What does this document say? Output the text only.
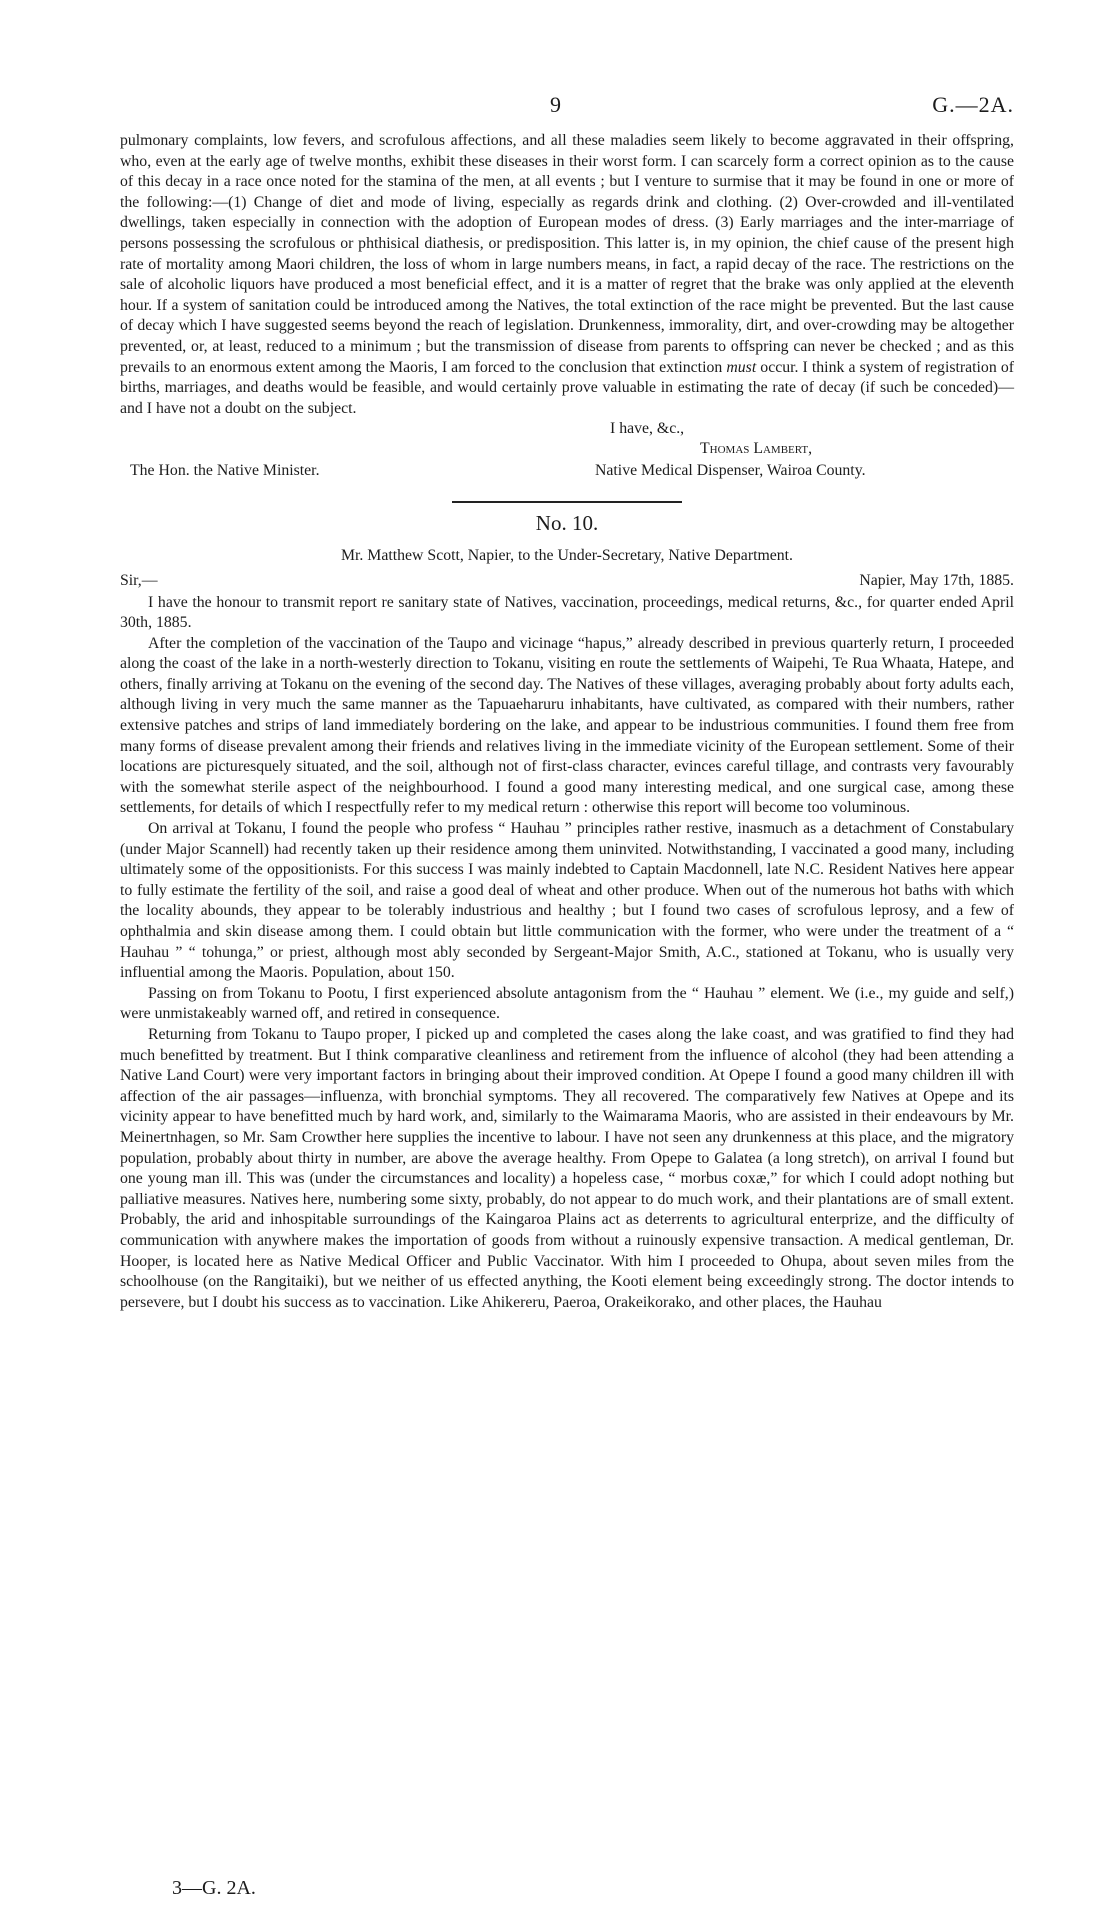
9	G.—2A.

pulmonary complaints, low fevers, and scrofulous affections, and all these maladies seem likely to become aggravated in their offspring, who, even at the early age of twelve months, exhibit these diseases in their worst form. I can scarcely form a correct opinion as to the cause of this decay in a race once noted for the stamina of the men, at all events ; but I venture to surmise that it may be found in one or more of the following:—(1) Change of diet and mode of living, especially as regards drink and clothing. (2) Over-crowded and ill-ventilated dwellings, taken especially in connection with the adoption of European modes of dress. (3) Early marriages and the inter-marriage of persons possessing the scrofulous or phthisical diathesis, or predisposition. This latter is, in my opinion, the chief cause of the present high rate of mortality among Maori children, the loss of whom in large numbers means, in fact, a rapid decay of the race. The restrictions on the sale of alcoholic liquors have produced a most beneficial effect, and it is a matter of regret that the brake was only applied at the eleventh hour. If a system of sanitation could be introduced among the Natives, the total extinction of the race might be prevented. But the last cause of decay which I have suggested seems beyond the reach of legislation. Drunkenness, immorality, dirt, and over-crowding may be altogether prevented, or, at least, reduced to a minimum ; but the transmission of disease from parents to offspring can never be checked ; and as this prevails to an enormous extent among the Maoris, I am forced to the conclusion that extinction must occur. I think a system of registration of births, marriages, and deaths would be feasible, and would certainly prove valuable in estimating the rate of decay (if such be conceded)—and I have not a doubt on the subject.

I have, &c.,
Thomas Lambert,
The Hon. the Native Minister.	Native Medical Dispenser, Wairoa County.
No. 10.
Mr. Matthew Scott, Napier, to the Under-Secretary, Native Department.
Sir,—	Napier, May 17th, 1885.

I have the honour to transmit report re sanitary state of Natives, vaccination, proceedings, medical returns, &c., for quarter ended April 30th, 1885.

After the completion of the vaccination of the Taupo and vicinage “hapus,” already described in previous quarterly return, I proceeded along the coast of the lake in a north-westerly direction to Tokanu, visiting en route the settlements of Waipehi, Te Rua Whaata, Hatepe, and others, finally arriving at Tokanu on the evening of the second day. The Natives of these villages, averaging probably about forty adults each, although living in very much the same manner as the Tapuaeharuru inhabitants, have cultivated, as compared with their numbers, rather extensive patches and strips of land immediately bordering on the lake, and appear to be industrious communities. I found them free from many forms of disease prevalent among their friends and relatives living in the immediate vicinity of the European settlement. Some of their locations are picturesquely situated, and the soil, although not of first-class character, evinces careful tillage, and contrasts very favourably with the somewhat sterile aspect of the neighbourhood. I found a good many interesting medical, and one surgical case, among these settlements, for details of which I respectfully refer to my medical return : otherwise this report will become too voluminous.

On arrival at Tokanu, I found the people who profess “ Hauhau ” principles rather restive, inasmuch as a detachment of Constabulary (under Major Scannell) had recently taken up their residence among them uninvited. Notwithstanding, I vaccinated a good many, including ultimately some of the oppositionists. For this success I was mainly indebted to Captain Macdonnell, late N.C. Resident Natives here appear to fully estimate the fertility of the soil, and raise a good deal of wheat and other produce. When out of the numerous hot baths with which the locality abounds, they appear to be tolerably industrious and healthy ; but I found two cases of scrofulous leprosy, and a few of ophthalmia and skin disease among them. I could obtain but little communication with the former, who were under the treatment of a “ Hauhau ” “ tohunga,” or priest, although most ably seconded by Sergeant-Major Smith, A.C., stationed at Tokanu, who is usually very influential among the Maoris. Population, about 150.

Passing on from Tokanu to Pootu, I first experienced absolute antagonism from the “ Hauhau ” element. We (i.e., my guide and self,) were unmistakeably warned off, and retired in consequence.

Returning from Tokanu to Taupo proper, I picked up and completed the cases along the lake coast, and was gratified to find they had much benefitted by treatment. But I think comparative cleanliness and retirement from the influence of alcohol (they had been attending a Native Land Court) were very important factors in bringing about their improved condition. At Opepe I found a good many children ill with affection of the air passages—influenza, with bronchial symptoms. They all recovered. The comparatively few Natives at Opepe and its vicinity appear to have benefitted much by hard work, and, similarly to the Waimarama Maoris, who are assisted in their endeavours by Mr. Meinertnhagen, so Mr. Sam Crowther here supplies the incentive to labour. I have not seen any drunkenness at this place, and the migratory population, probably about thirty in number, are above the average healthy. From Opepe to Galatea (a long stretch), on arrival I found but one young man ill. This was (under the circumstances and locality) a hopeless case, “ morbus coxæ,” for which I could adopt nothing but palliative measures. Natives here, numbering some sixty, probably, do not appear to do much work, and their plantations are of small extent. Probably, the arid and inhospitable surroundings of the Kaingaroa Plains act as deterrents to agricultural enterprize, and the difficulty of communication with anywhere makes the importation of goods from without a ruinously expensive transaction. A medical gentleman, Dr. Hooper, is located here as Native Medical Officer and Public Vaccinator. With him I proceeded to Ohupa, about seven miles from the schoolhouse (on the Rangitaiki), but we neither of us effected anything, the Kooti element being exceedingly strong. The doctor intends to persevere, but I doubt his success as to vaccination. Like Ahikereru, Paeroa, Orakeikorako, and other places, the Hauhau

3—G. 2A.
